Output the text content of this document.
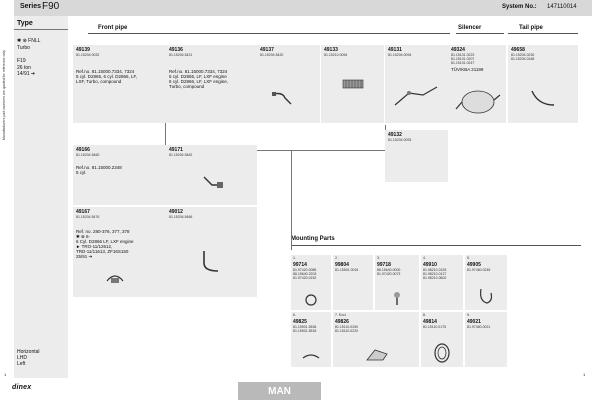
Series F90	System No.: 147110014
Manufacturers part numbers are quoted for reference only
Type
✱ ⊗ FNLL
Turbo
F19
26 ton
14/91 ➔
Horizontal
LHD
Left
Front pipe	Silencer	Tail pipe
Mounting Parts
49139
81.15204.0032
Ref.no. 81.15000.7334, 7324
5 cyl. D2865, 6 cyl. D2866, LF,
LXF, Turbo, compound
49136
81.15204.5421
Ref.no. 81.15000.7334, 7324
5 cyl. D2865, LF, LXF engine
6 cyl. D2866, LF, LXF engine,
Turbo, compound
49137
81.15204.5420
49133
81.15210.0054
49131
81.15204.0094
49324
81.15101.0223
81.15101.0207
81.15101.0247
TÜV/KBA 21199
49658
81.15204.0230
81.15204.0168
49132
81.15204.0093
49166
81.15204.5460
Ref.no. 81.15000.2348
5 cyl.
49171
81.15204.5462
49167
81.15204.5476
Ref. no. 280-376, 377, 378
✱ ⊗ 6-
6 Cyl. D2866 LF, LXF engine
► TRO-11/12612,
TRD-11/11613, ZF16S150
25/91 ➔
49012
81.15204.5466
1.
99714
81.97420.0085
86.15640.2203
81.97420.0152
2.
99804
81.15501.0015
3.
99718
86.15640.0000
81.97420.0073
4.
49910
81.98210.0153
81.98210.0127
81.98210.0602
5.
49905
81.97460.0245
6.
49825
81.15501.5536
81.15501.5518
7. Excl.
49826
81.15110.0250
81.15110.0220
8.
49814
81.15110.0175
9.
49021
81.97460.0021
dinex	MAN
1
1
